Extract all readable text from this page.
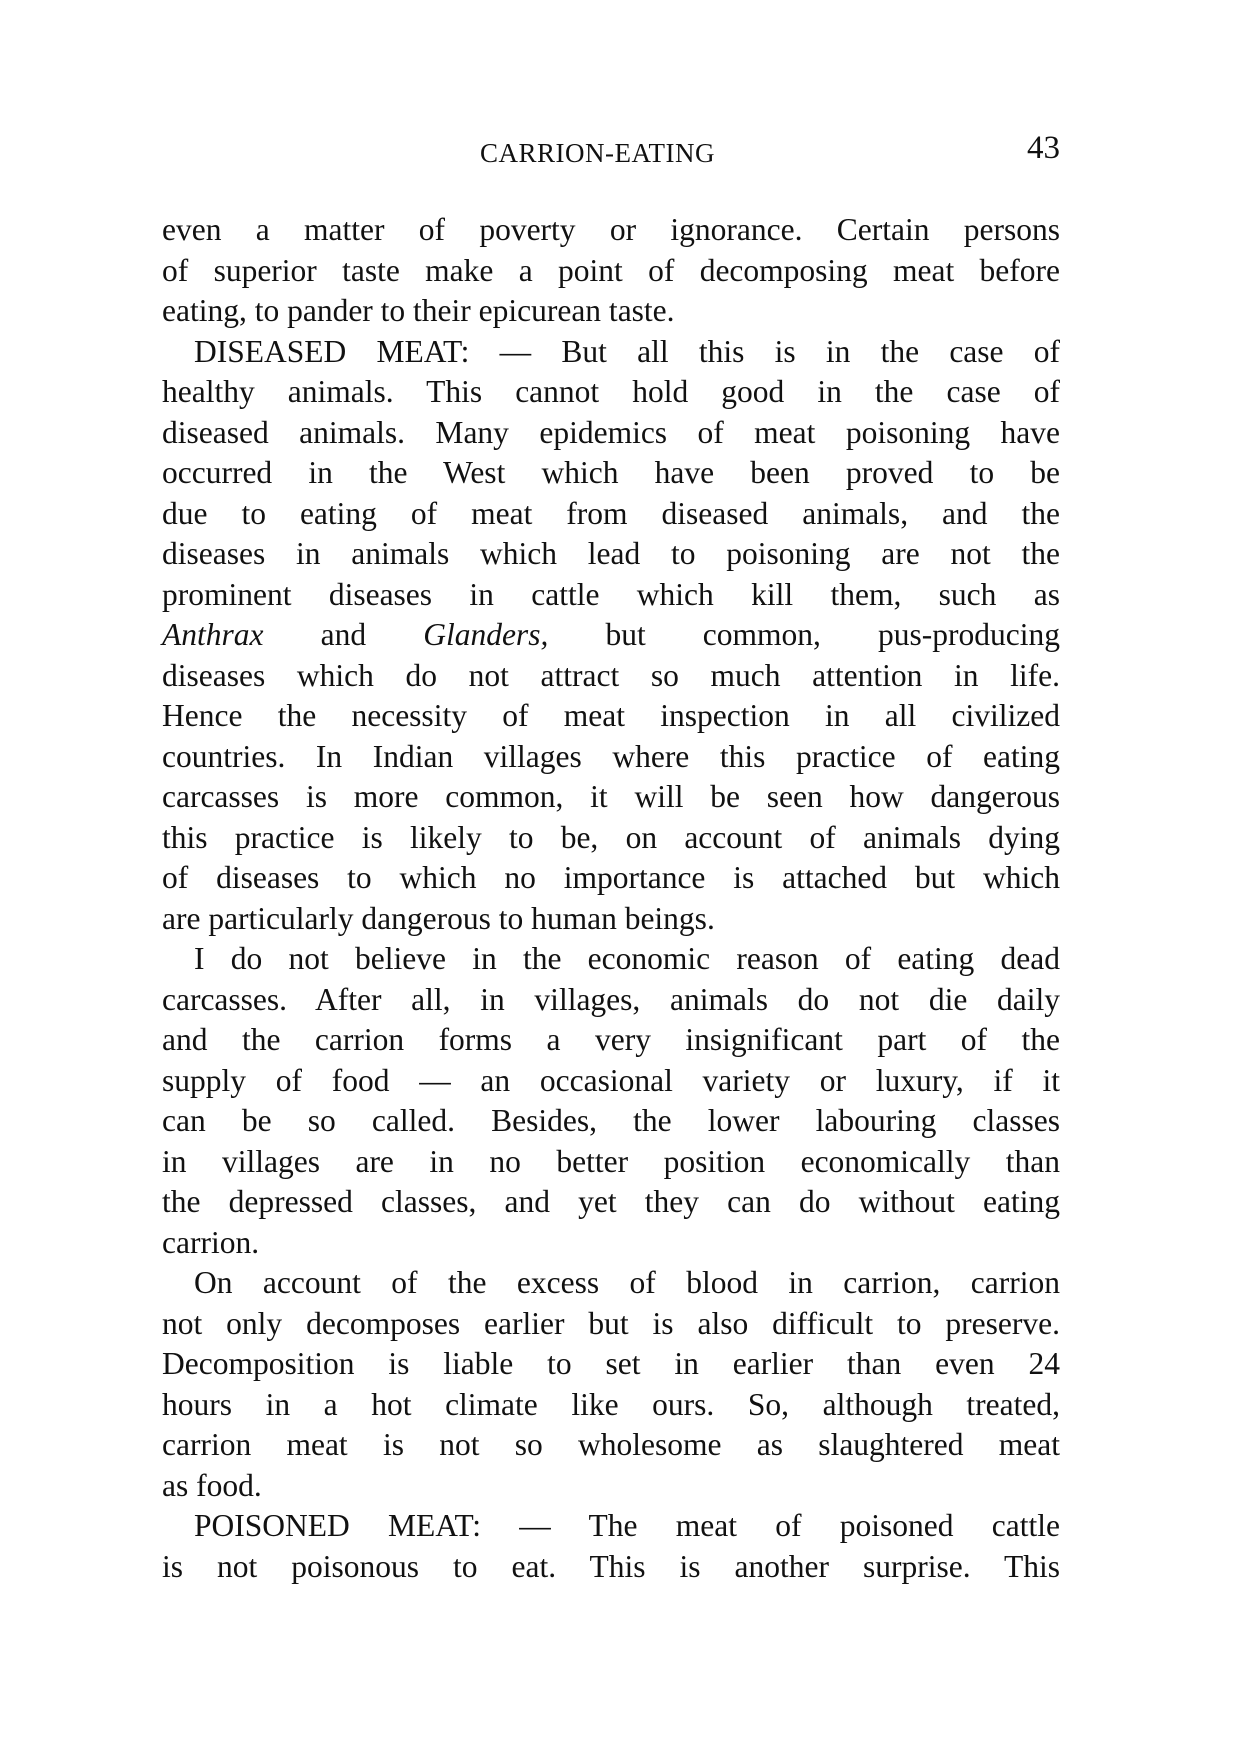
CARRION-EATING	43
even a matter of poverty or ignorance. Certain persons
of superior taste make a point of decomposing meat before
eating, to pander to their epicurean taste.
DISEASED MEAT: — But all this is in the case of
healthy animals. This cannot hold good in the case of
diseased animals. Many epidemics of meat poisoning have
occurred in the West which have been proved to be
due to eating of meat from diseased animals, and the
diseases in animals which lead to poisoning are not the
prominent diseases in cattle which kill them, such as
Anthrax and Glanders, but common, pus-producing
diseases which do not attract so much attention in life.
Hence the necessity of meat inspection in all civilized
countries. In Indian villages where this practice of eating
carcasses is more common, it will be seen how dangerous
this practice is likely to be, on account of animals dying
of diseases to which no importance is attached but which
are particularly dangerous to human beings.
I do not believe in the economic reason of eating dead
carcasses. After all, in villages, animals do not die daily
and the carrion forms a very insignificant part of the
supply of food — an occasional variety or luxury, if it
can be so called. Besides, the lower labouring classes
in villages are in no better position economically than
the depressed classes, and yet they can do without eating
carrion.
On account of the excess of blood in carrion, carrion
not only decomposes earlier but is also difficult to preserve.
Decomposition is liable to set in earlier than even 24
hours in a hot climate like ours. So, although treated,
carrion meat is not so wholesome as slaughtered meat
as food.
POISONED MEAT: — The meat of poisoned cattle
is not poisonous to eat. This is another surprise. This
